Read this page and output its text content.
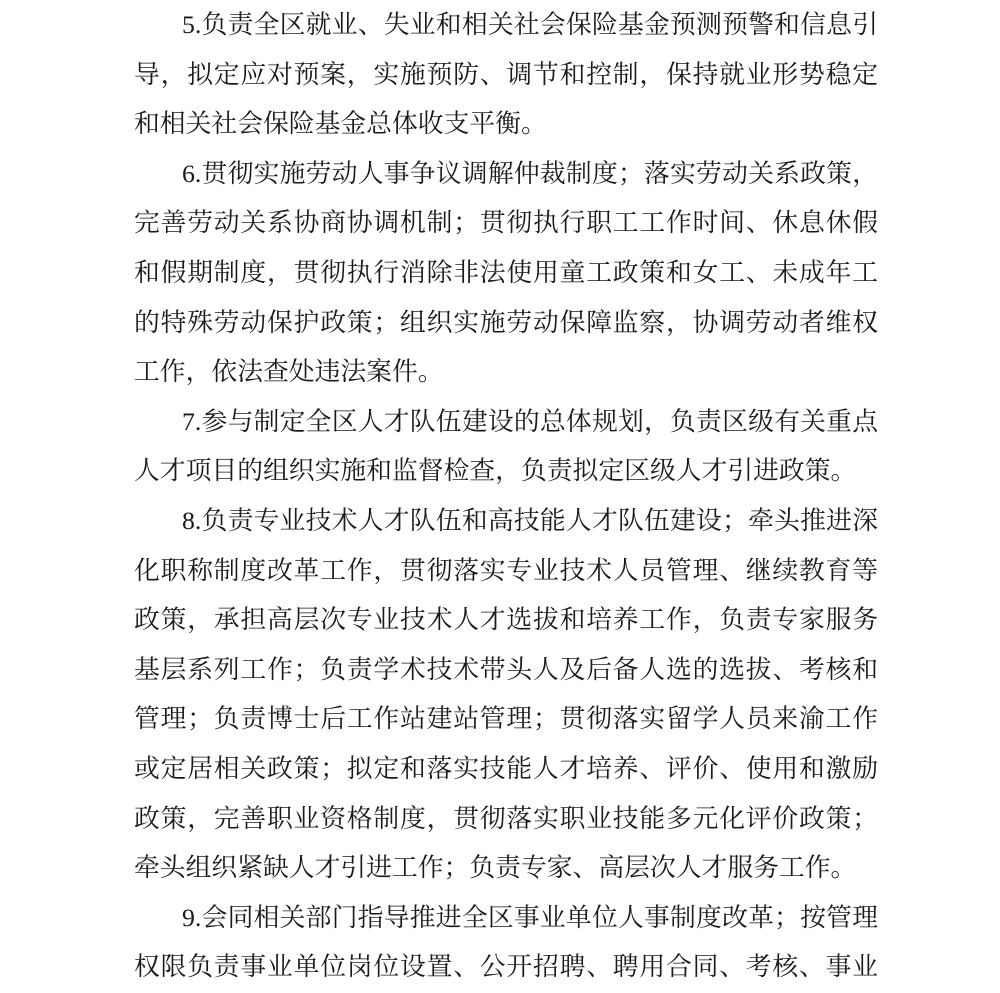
5.负责全区就业、失业和相关社会保险基金预测预警和信息引
导，拟定应对预案，实施预防、调节和控制，保持就业形势稳定
和相关社会保险基金总体收支平衡。
6.贯彻实施劳动人事争议调解仲裁制度；落实劳动关系政策，
完善劳动关系协商协调机制；贯彻执行职工工作时间、休息休假
和假期制度，贯彻执行消除非法使用童工政策和女工、未成年工
的特殊劳动保护政策；组织实施劳动保障监察，协调劳动者维权
工作，依法查处违法案件。
7.参与制定全区人才队伍建设的总体规划，负责区级有关重点
人才项目的组织实施和监督检查，负责拟定区级人才引进政策。
8.负责专业技术人才队伍和高技能人才队伍建设；牵头推进深
化职称制度改革工作，贯彻落实专业技术人员管理、继续教育等
政策，承担高层次专业技术人才选拔和培养工作，负责专家服务
基层系列工作；负责学术技术带头人及后备人选的选拔、考核和
管理；负责博士后工作站建站管理；贯彻落实留学人员来渝工作
或定居相关政策；拟定和落实技能人才培养、评价、使用和激励
政策，完善职业资格制度，贯彻落实职业技能多元化评价政策；
牵头组织紧缺人才引进工作；负责专家、高层次人才服务工作。
9.会同相关部门指导推进全区事业单位人事制度改革；按管理
权限负责事业单位岗位设置、公开招聘、聘用合同、考核、事业
